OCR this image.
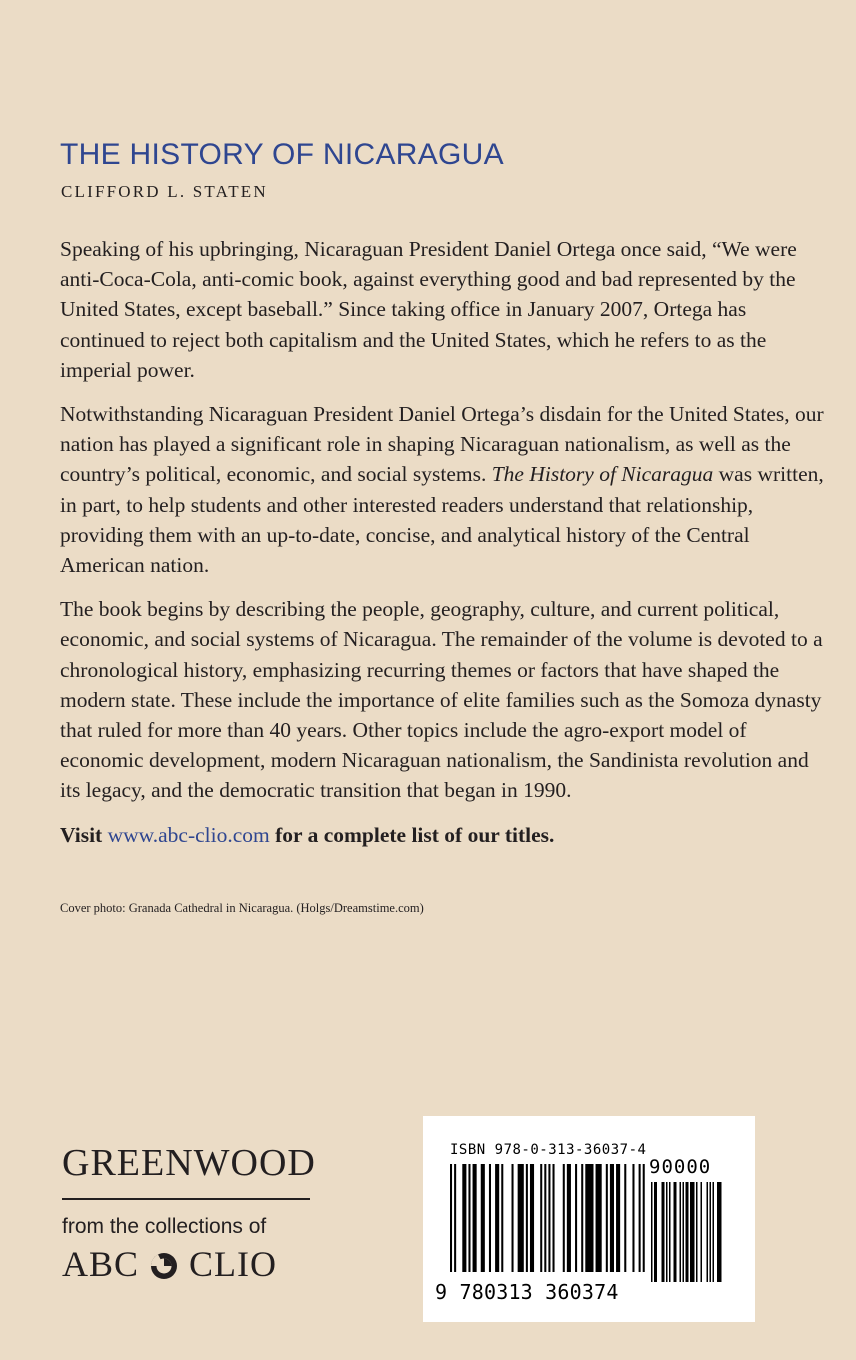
THE HISTORY OF NICARAGUA
CLIFFORD L. STATEN

Speaking of his upbringing, Nicaraguan President Daniel Ortega once said, “We were anti-Coca-Cola, anti-comic book, against everything good and bad represented by the United States, except baseball.” Since taking office in January 2007, Ortega has continued to reject both capitalism and the United States, which he refers to as the imperial power.

Notwithstanding Nicaraguan President Daniel Ortega’s disdain for the United States, our nation has played a significant role in shaping Nicaraguan nationalism, as well as the country’s political, economic, and social systems. The History of Nicaragua was written, in part, to help students and other interested readers understand that relationship, providing them with an up-to-date, concise, and analytical history of the Central American nation.

The book begins by describing the people, geography, culture, and current political, economic, and social systems of Nicaragua. The remainder of the volume is devoted to a chronological history, emphasizing recurring themes or factors that have shaped the modern state. These include the importance of elite families such as the Somoza dynasty that ruled for more than 40 years. Other topics include the agro-export model of economic development, modern Nicaraguan nationalism, the Sandinista revolution and its legacy, and the democratic transition that began in 1990.

Visit www.abc-clio.com for a complete list of our titles.

Cover photo: Granada Cathedral in Nicaragua. (Holgs/Dreamstime.com)
GREENWOOD
from the collections of
ABC CLIO
ISBN 978-0-313-36037-4
90000
9 780313 360374
